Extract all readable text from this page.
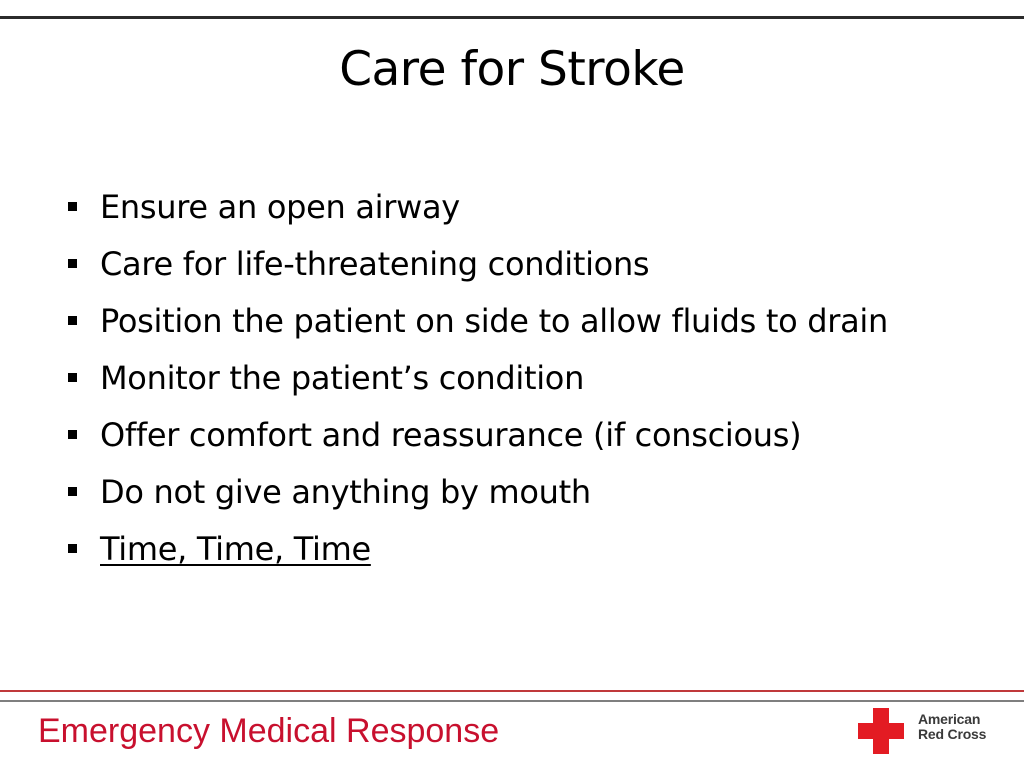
Care for Stroke
Ensure an open airway
Care for life-threatening conditions
Position the patient on side to allow fluids to drain
Monitor the patient’s condition
Offer comfort and reassurance (if conscious)
Do not give anything by mouth
Time, Time, Time

Emergency Medical Response	American
Red Cross
